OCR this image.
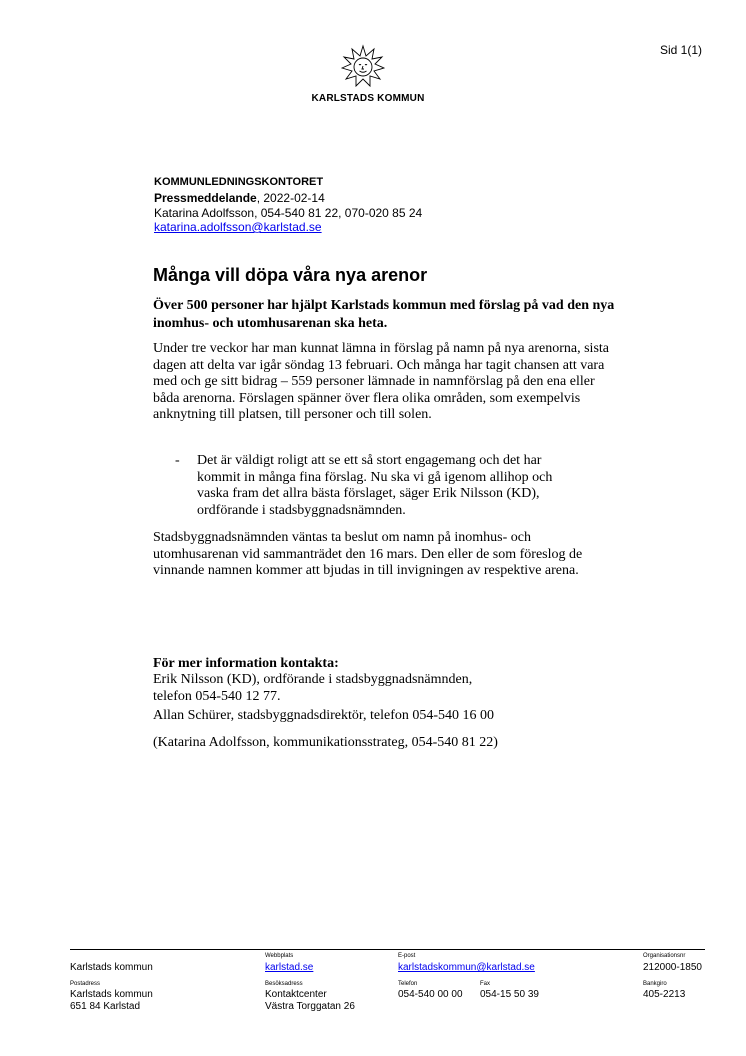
Sid 1(1)
KARLSTADS KOMMUN
KOMMUNLEDNINGSKONTORET
Pressmeddelande, 2022-02-14
Katarina Adolfsson, 054-540 81 22, 070-020 85 24
katarina.adolfsson@karlstad.se
Många vill döpa våra nya arenor
Över 500 personer har hjälpt Karlstads kommun med förslag på vad den nya inomhus- och utomhusarenan ska heta.
Under tre veckor har man kunnat lämna in förslag på namn på nya arenorna, sista dagen att delta var igår söndag 13 februari. Och många har tagit chansen att vara med och ge sitt bidrag – 559 personer lämnade in namnförslag på den ena eller båda arenorna. Förslagen spänner över flera olika områden, som exempelvis anknytning till platsen, till personer och till solen.
- Det är väldigt roligt att se ett så stort engagemang och det har kommit in många fina förslag. Nu ska vi gå igenom allihop och vaska fram det allra bästa förslaget, säger Erik Nilsson (KD), ordförande i stadsbyggnadsnämnden.
Stadsbyggnadsnämnden väntas ta beslut om namn på inomhus- och utomhusarenan vid sammanträdet den 16 mars. Den eller de som föreslog de vinnande namnen kommer att bjudas in till invigningen av respektive arena.
För mer information kontakta:
Erik Nilsson (KD), ordförande i stadsbyggnadsnämnden,
telefon 054-540 12 77.
Allan Schürer, stadsbyggnadsdirektör, telefon 054-540 16 00
(Katarina Adolfsson, kommunikationsstrateg, 054-540 81 22)
Karlstads kommun
Webbplats
karlstad.se
E-post
karlstadskommun@karlstad.se
Organisationsnr
212000-1850
Postadress
Karlstads kommun
651 84 Karlstad
Besöksadress
Kontaktcenter
Västra Torggatan 26
Telefon
054-540 00 00
Fax
054-15 50 39
Bankgiro
405-2213
